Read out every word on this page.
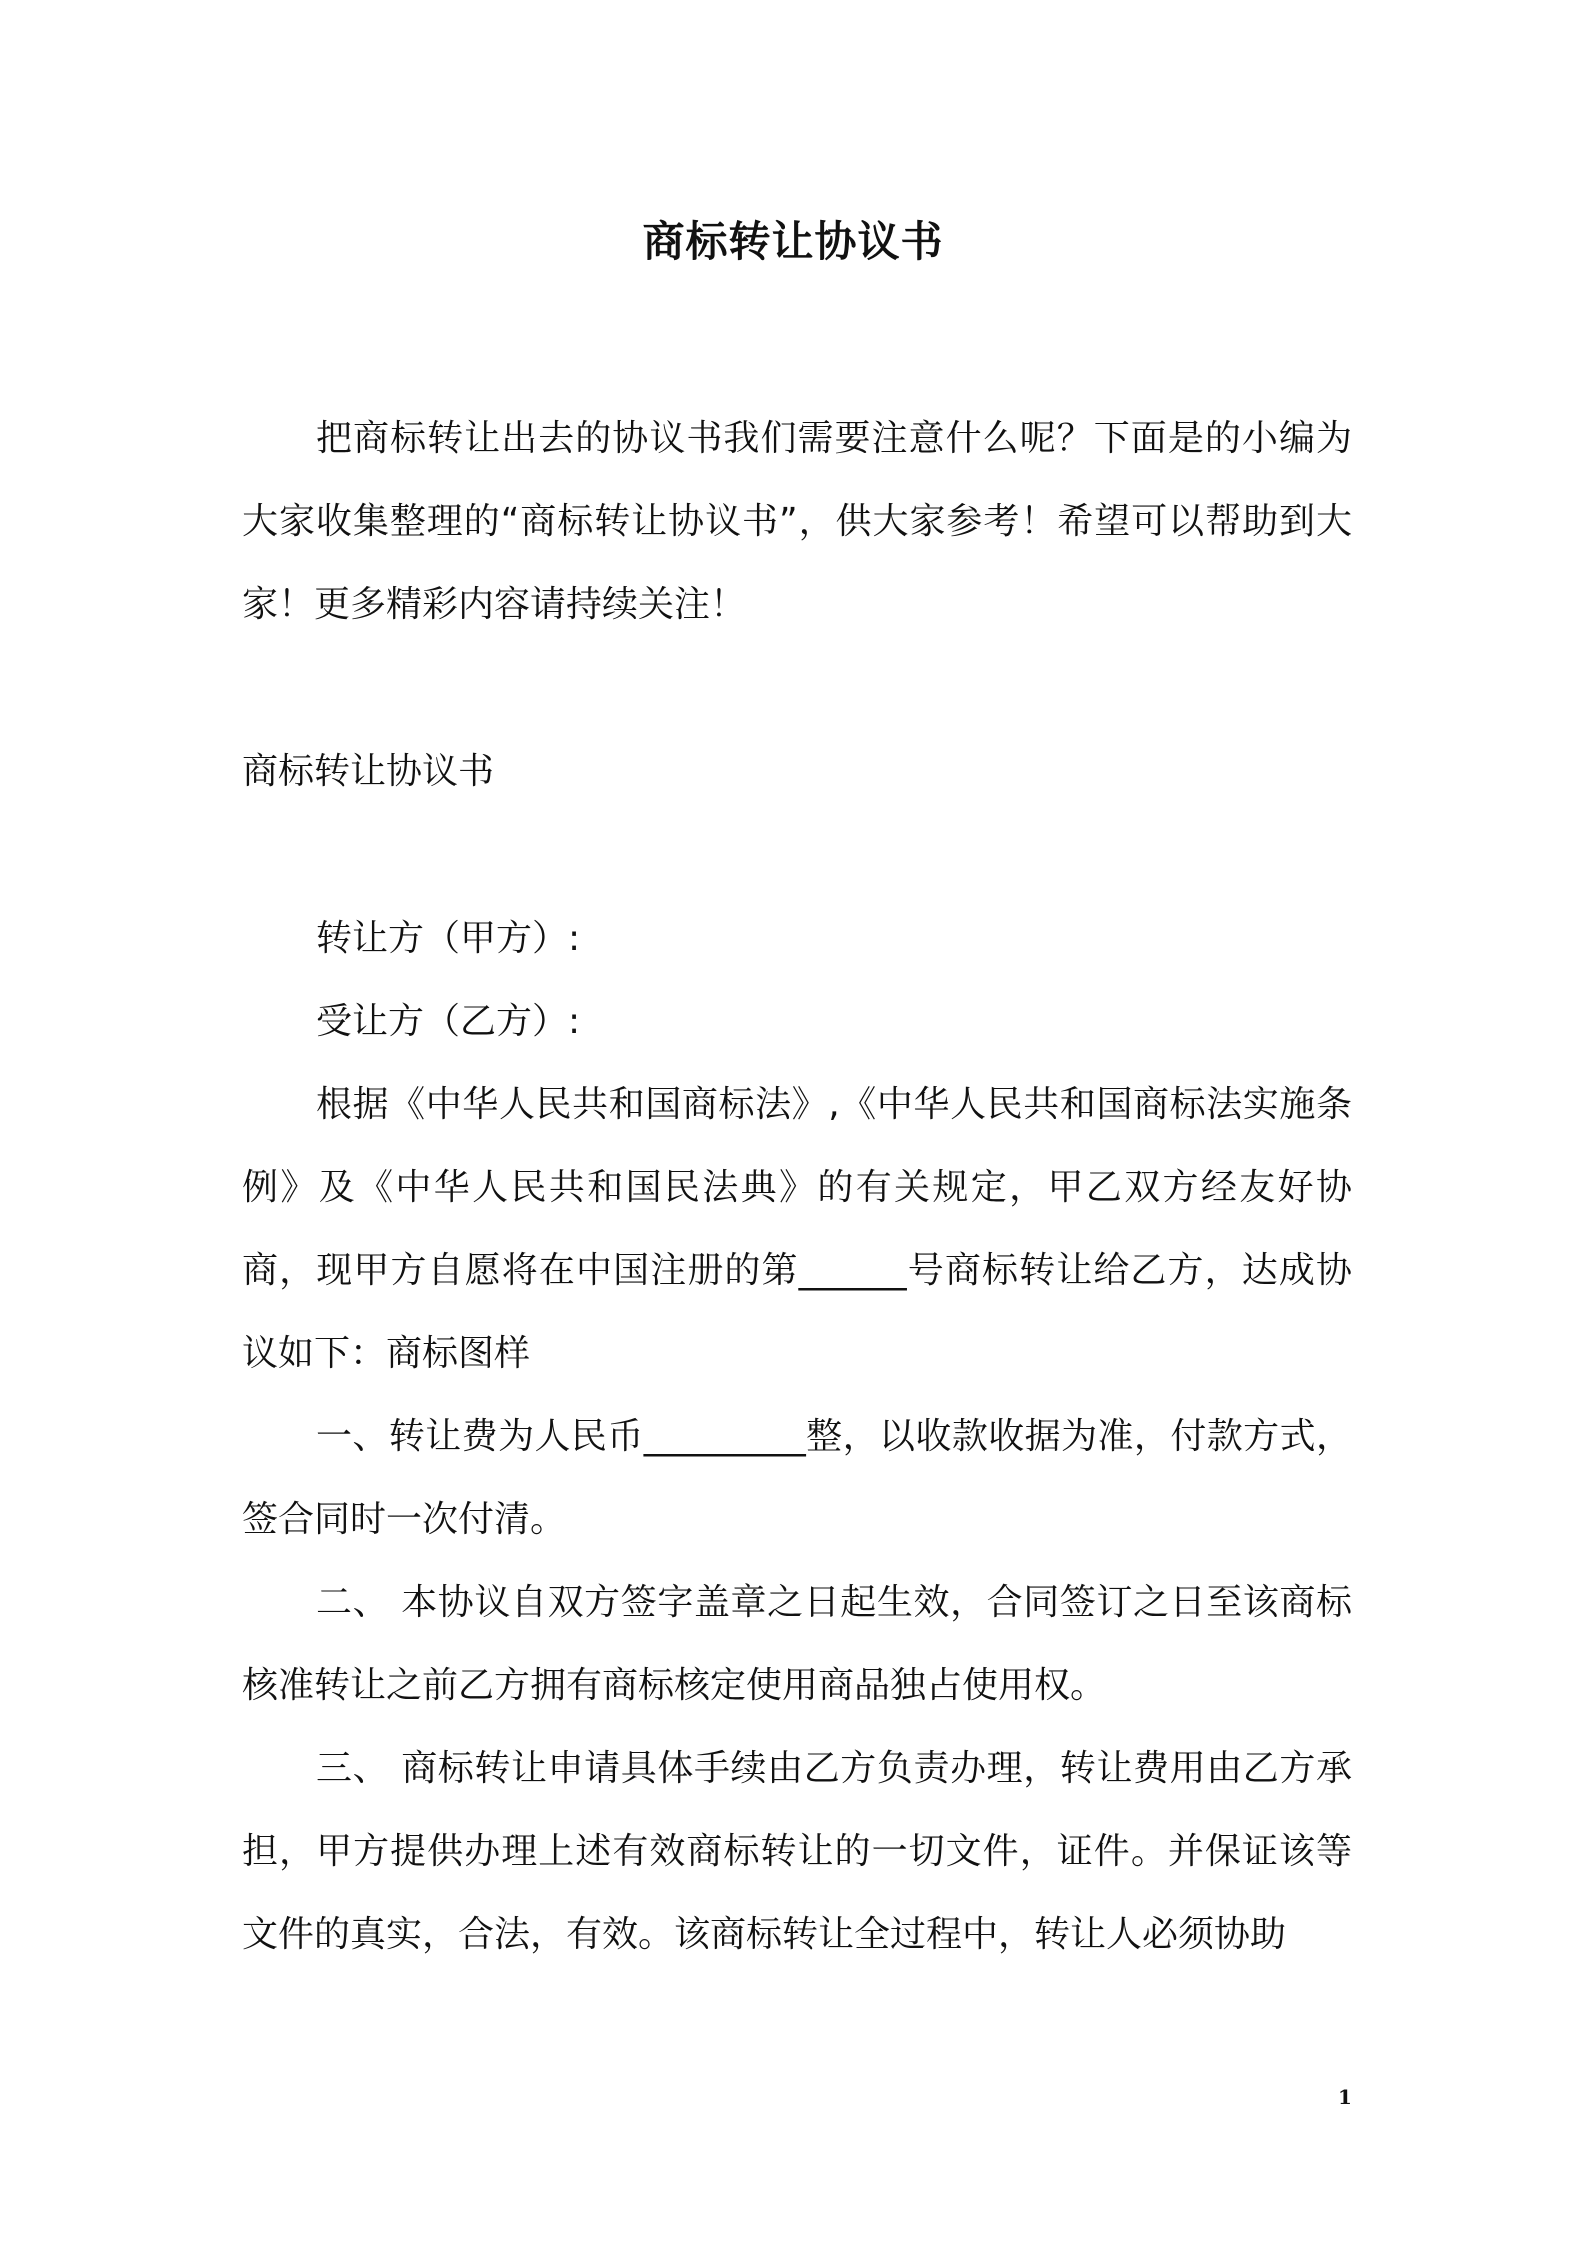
商标转让协议书

把商标转让出去的协议书我们需要注意什么呢？下面是的小编为大家收集整理的“商标转让协议书”，供大家参考！希望可以帮助到大家！更多精彩内容请持续关注！

商标转让协议书

转让方（甲方）:

受让方（乙方）:

根据《中华人民共和国商标法》,《中华人民共和国商标法实施条例》及《中华人民共和国民法典》的有关规定，甲乙双方经友好协商，现甲方自愿将在中国注册的第______号商标转让给乙方，达成协议如下：商标图样

一、转让费为人民币_________整，以收款收据为准，付款方式，签合同时一次付清。

二、 本协议自双方签字盖章之日起生效，合同签订之日至该商标核准转让之前乙方拥有商标核定使用商品独占使用权。

三、 商标转让申请具体手续由乙方负责办理，转让费用由乙方承担，甲方提供办理上述有效商标转让的一切文件，证件。并保证该等文件的真实，合法，有效。该商标转让全过程中，转让人必须协助

1
